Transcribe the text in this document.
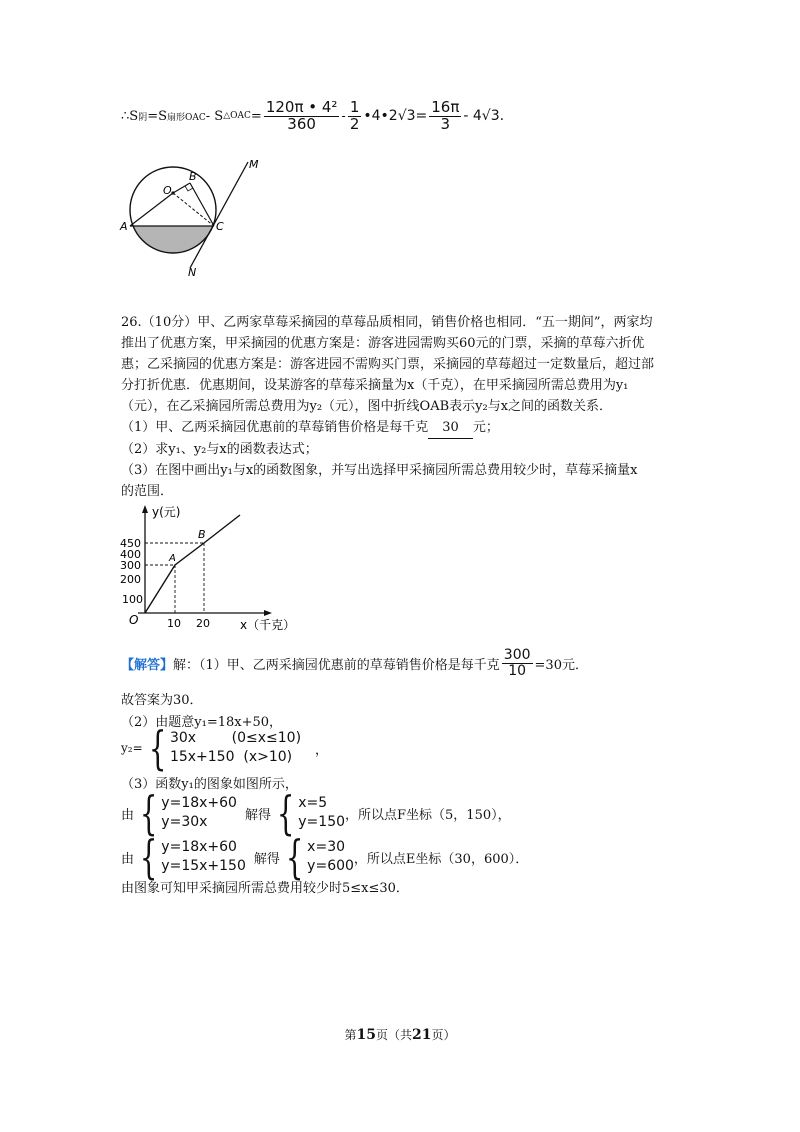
∴ S 阴 =S 扇形OAC - S △OAC = $\frac{\text{120π • 4²}}{360} - \frac{1}{2}$ •4•2√3= $\frac{16\pi}{3} - 4√3$.
O
B
M
A	C
N
26.（10分）甲、乙两家草莓采摘园的草莓品质相同，销售价格也相同．“五一期间”，两家均
推出了优惠方案，甲采摘园的优惠方案是：游客进园需购买60元的门票，采摘的草莓六折优
惠；乙采摘园的优惠方案是：游客进园不需购买门票，采摘园的草莓超过一定数量后，超过部
分打折优惠．优惠期间，设某游客的草莓采摘量为x（千克），在甲采摘园所需总费用为y₁
（元），在乙采摘园所需总费用为y₂（元），图中折线OAB表示y₂与x之间的函数关系．
（1）甲、乙两采摘园优惠前的草莓销售价格是每千克 30 元；
（2）求y₁、y₂与x的函数表达式；
（3）在图中画出y₁与x的函数图象，并写出选择甲采摘园所需总费用较少时，草莓采摘量x
的范围．
y(元)
x（千克）
O
450
400
300
200
100
10 20
A
B
【解答】 解：（1）甲、乙两采摘园优惠前的草莓销售价格是每千克 $\frac{300}{10} =30$元．
故答案为30．
（2）由题意y₁=18x+50，
y₂= { 30x        (0≤x≤10)
15x+150  (x>10)	，
（3）函数y₁的图象如图所示，
由 { y=18x+60
y=30x	解得 { x=5
y=150 ，所以点F坐标（5，150），
由 { y=18x+60
y=15x+150 解得 { x=30
y=600 ，所以点E坐标（30，600）．
由图象可知甲采摘园所需总费用较少时5≤x≤30．
第15页（共21页）
